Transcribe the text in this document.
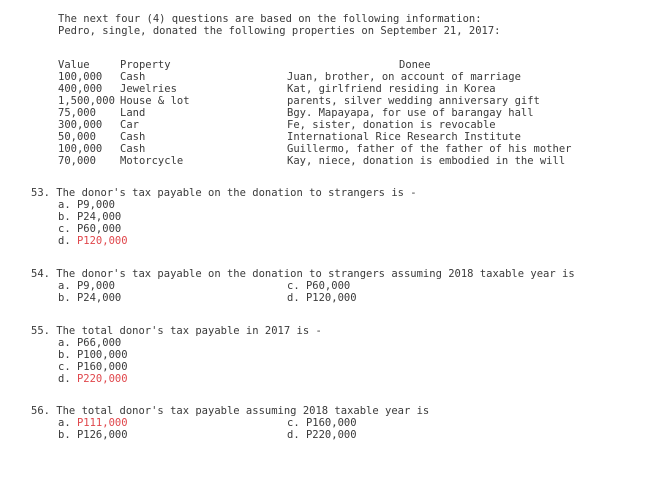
The next four (4) questions are based on the following information:
Pedro, single, donated the following properties on September 21, 2017:
Value	Property	Donee
100,000 Cash	Juan, brother, on account of marriage
400,000 Jewelries	Kat, girlfriend residing in Korea
1,500,000 House & lot	parents, silver wedding anniversary gift
75,000 Land	Bgy. Mapayapa, for use of barangay hall
300,000 Car	Fe, sister, donation is revocable
50,000 Cash	International Rice Research Institute
100,000 Cash	Guillermo, father of the father of his mother
70,000 Motorcycle	Kay, niece, donation is embodied in the will
53. The donor's tax payable on the donation to strangers is -
a. P9,000
b. P24,000
c. P60,000
d. P120,000
54. The donor's tax payable on the donation to strangers assuming 2018 taxable year is
a. P9,000	c. P60,000
b. P24,000	d. P120,000
55. The total donor's tax payable in 2017 is -
a. P66,000
b. P100,000
c. P160,000
d. P220,000
56. The total donor's tax payable assuming 2018 taxable year is
a. P111,000	c. P160,000
b. P126,000	d. P220,000
